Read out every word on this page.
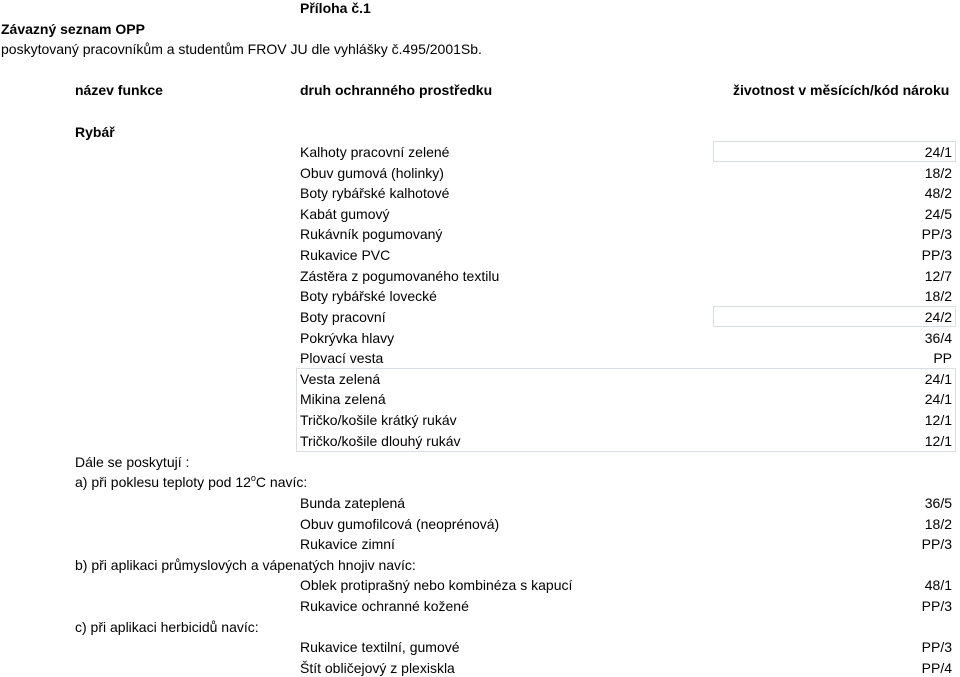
Příloha č.1
Závazný seznam OPP
poskytovaný pracovníkům a studentům FROV JU dle vyhlášky č.495/2001Sb.
název funkce	druh ochranného prostředku	životnost v měsících/kód nároku
Rybář
Kalhoty pracovní zelené	24/1
Obuv gumová (holinky)	18/2
Boty rybářské kalhotové	48/2
Kabát gumový	24/5
Rukávník pogumovaný	PP/3
Rukavice PVC	PP/3
Zástěra z pogumovaného textilu	12/7
Boty rybářské lovecké	18/2
Boty pracovní	24/2
Pokrývka hlavy	36/4
Plovací vesta	PP
Vesta zelená	24/1
Mikina zelená	24/1
Tričko/košile krátký rukáv	12/1
Tričko/košile dlouhý rukáv	12/1
Dále se poskytují :
a) při poklesu teploty pod 12$^o$C navíc:
Bunda zateplená	36/5
Obuv gumofilcová (neoprénová)	18/2
Rukavice zimní	PP/3
b) při aplikaci průmyslových a vápenatých hnojiv navíc:
Oblek protiprašný nebo kombinéza s kapucí	48/1
Rukavice ochranné kožené	PP/3
c) při aplikaci herbicidů navíc:
Rukavice textilní, gumové	PP/3
Štít obličejový z plexiskla	PP/4
